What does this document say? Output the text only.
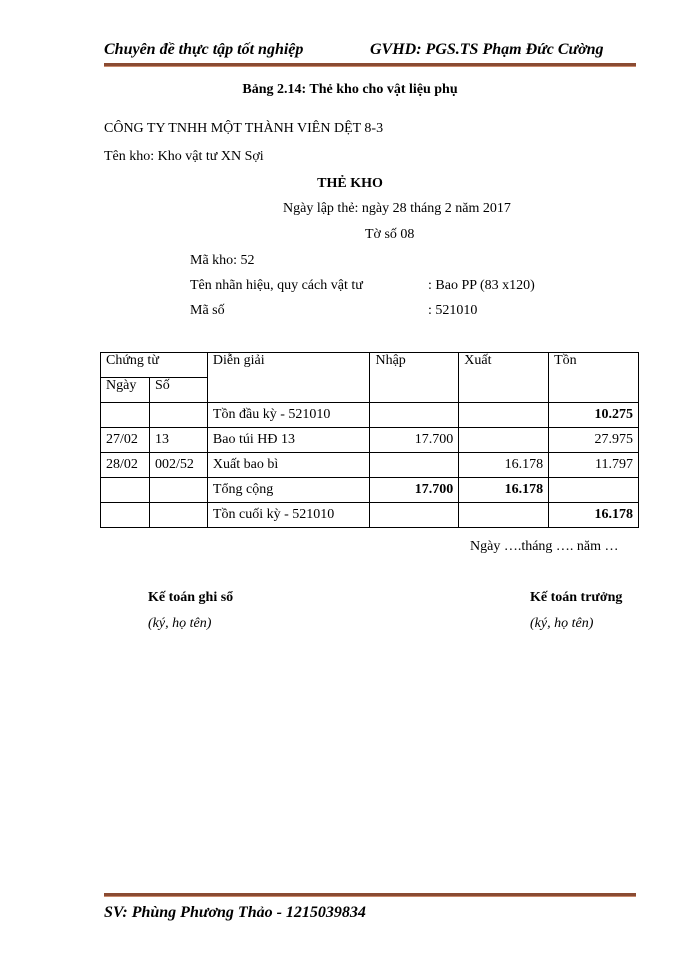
Chuyên đề thực tập tốt nghiệp	GVHD: PGS.TS Phạm Đức Cường
Bảng 2.14: Thẻ kho cho vật liệu phụ
CÔNG TY TNHH MỘT THÀNH VIÊN DỆT 8-3
Tên kho: Kho vật tư XN Sợi
THẺ KHO
Ngày lập thẻ: ngày 28 tháng 2 năm 2017
Tờ số 08
Mã kho: 52
Tên nhãn hiệu, quy cách vật tư	: Bao PP (83 x120)
Mã số	: 521010
Chứng từ		Diễn giải	Nhập	Xuất	Tồn
Ngày	Số				
		Tồn đầu kỳ - 521010			10.275
27/02	13	Bao túi HĐ 13	17.700		27.975
28/02	002/52	Xuất bao bì		16.178	11.797
		Tổng cộng	17.700	16.178	
		Tồn cuối kỳ - 521010			16.178
Ngày ….tháng …. năm …
Kế toán ghi sổ
(ký, họ tên)
Kế toán trưởng
(ký, họ tên)
SV: Phùng Phương Thảo - 1215039834
